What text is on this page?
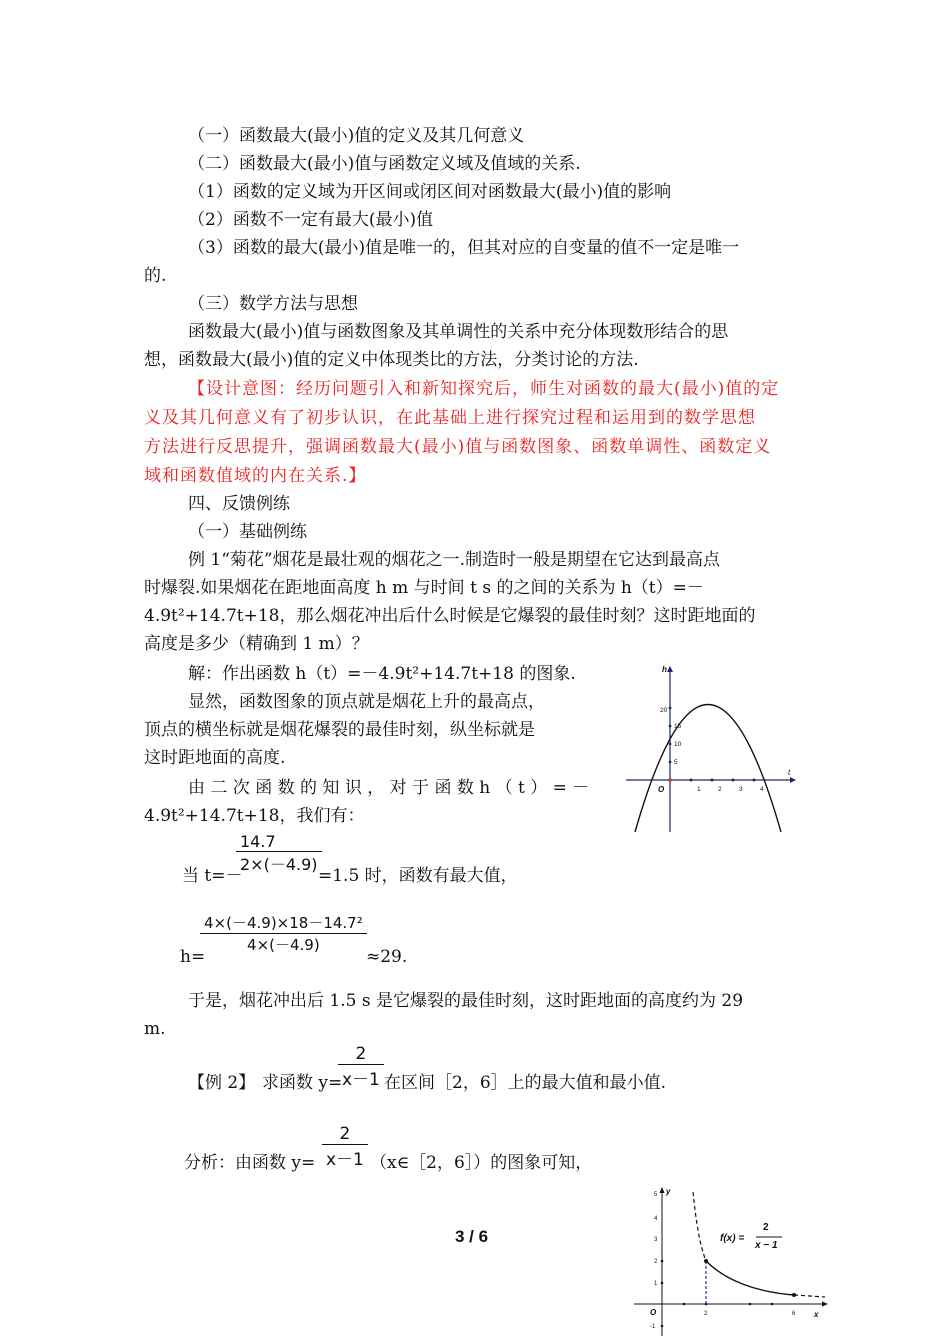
（一）函数最大(最小)值的定义及其几何意义
（二）函数最大(最小)值与函数定义域及值域的关系.
（1）函数的定义域为开区间或闭区间对函数最大(最小)值的影响
（2）函数不一定有最大(最小)值
（3）函数的最大(最小)值是唯一的，但其对应的自变量的值不一定是唯一
的.
（三）数学方法与思想
函数最大(最小)值与函数图象及其单调性的关系中充分体现数形结合的思
想，函数最大(最小)值的定义中体现类比的方法，分类讨论的方法.
【设计意图：经历问题引入和新知探究后，师生对函数的最大(最小)值的定
义及其几何意义有了初步认识，在此基础上进行探究过程和运用到的数学思想
方法进行反思提升，强调函数最大(最小)值与函数图象、函数单调性、函数定义
域和函数值域的内在关系.】
四、反馈例练
（一）基础例练
例 1“菊花”烟花是最壮观的烟花之一.制造时一般是期望在它达到最高点
时爆裂.如果烟花在距地面高度 h m 与时间 t s 的之间的关系为 h（t）=－
4.9t²+14.7t+18，那么烟花冲出后什么时候是它爆裂的最佳时刻？这时距地面的
高度是多少（精确到 1 m）？
解：作出函数 h（t）=－4.9t²+14.7t+18 的图象.
显然，函数图象的顶点就是烟花上升的最高点，
顶点的横坐标就是烟花爆裂的最佳时刻，纵坐标就是
这时距地面的高度.
由 二 次 函 数 的 知 识 ， 对 于 函 数 h （ t ） = －
4.9t²+14.7t+18，我们有：
当 t=－
14.7
2×(－4.9)
=1.5 时，函数有最大值，
h=
4×(－4.9)×18－14.7²
4×(－4.9)
≈29.
于是，烟花冲出后 1.5 s 是它爆裂的最佳时刻，这时距地面的高度约为 29
m.
【例 2】 求函数 y=
2
x－1 在区间［2，6］上的最大值和最小值.
分析：由函数 y=
2
x－1 （x∈［2，6］）的图象可知，
3 / 6
h
t
O
5
10
15
20
1	2	3	4
y
x
O
5
4
3
2
1
-1
2	6
f(x) =
2
x − 1
